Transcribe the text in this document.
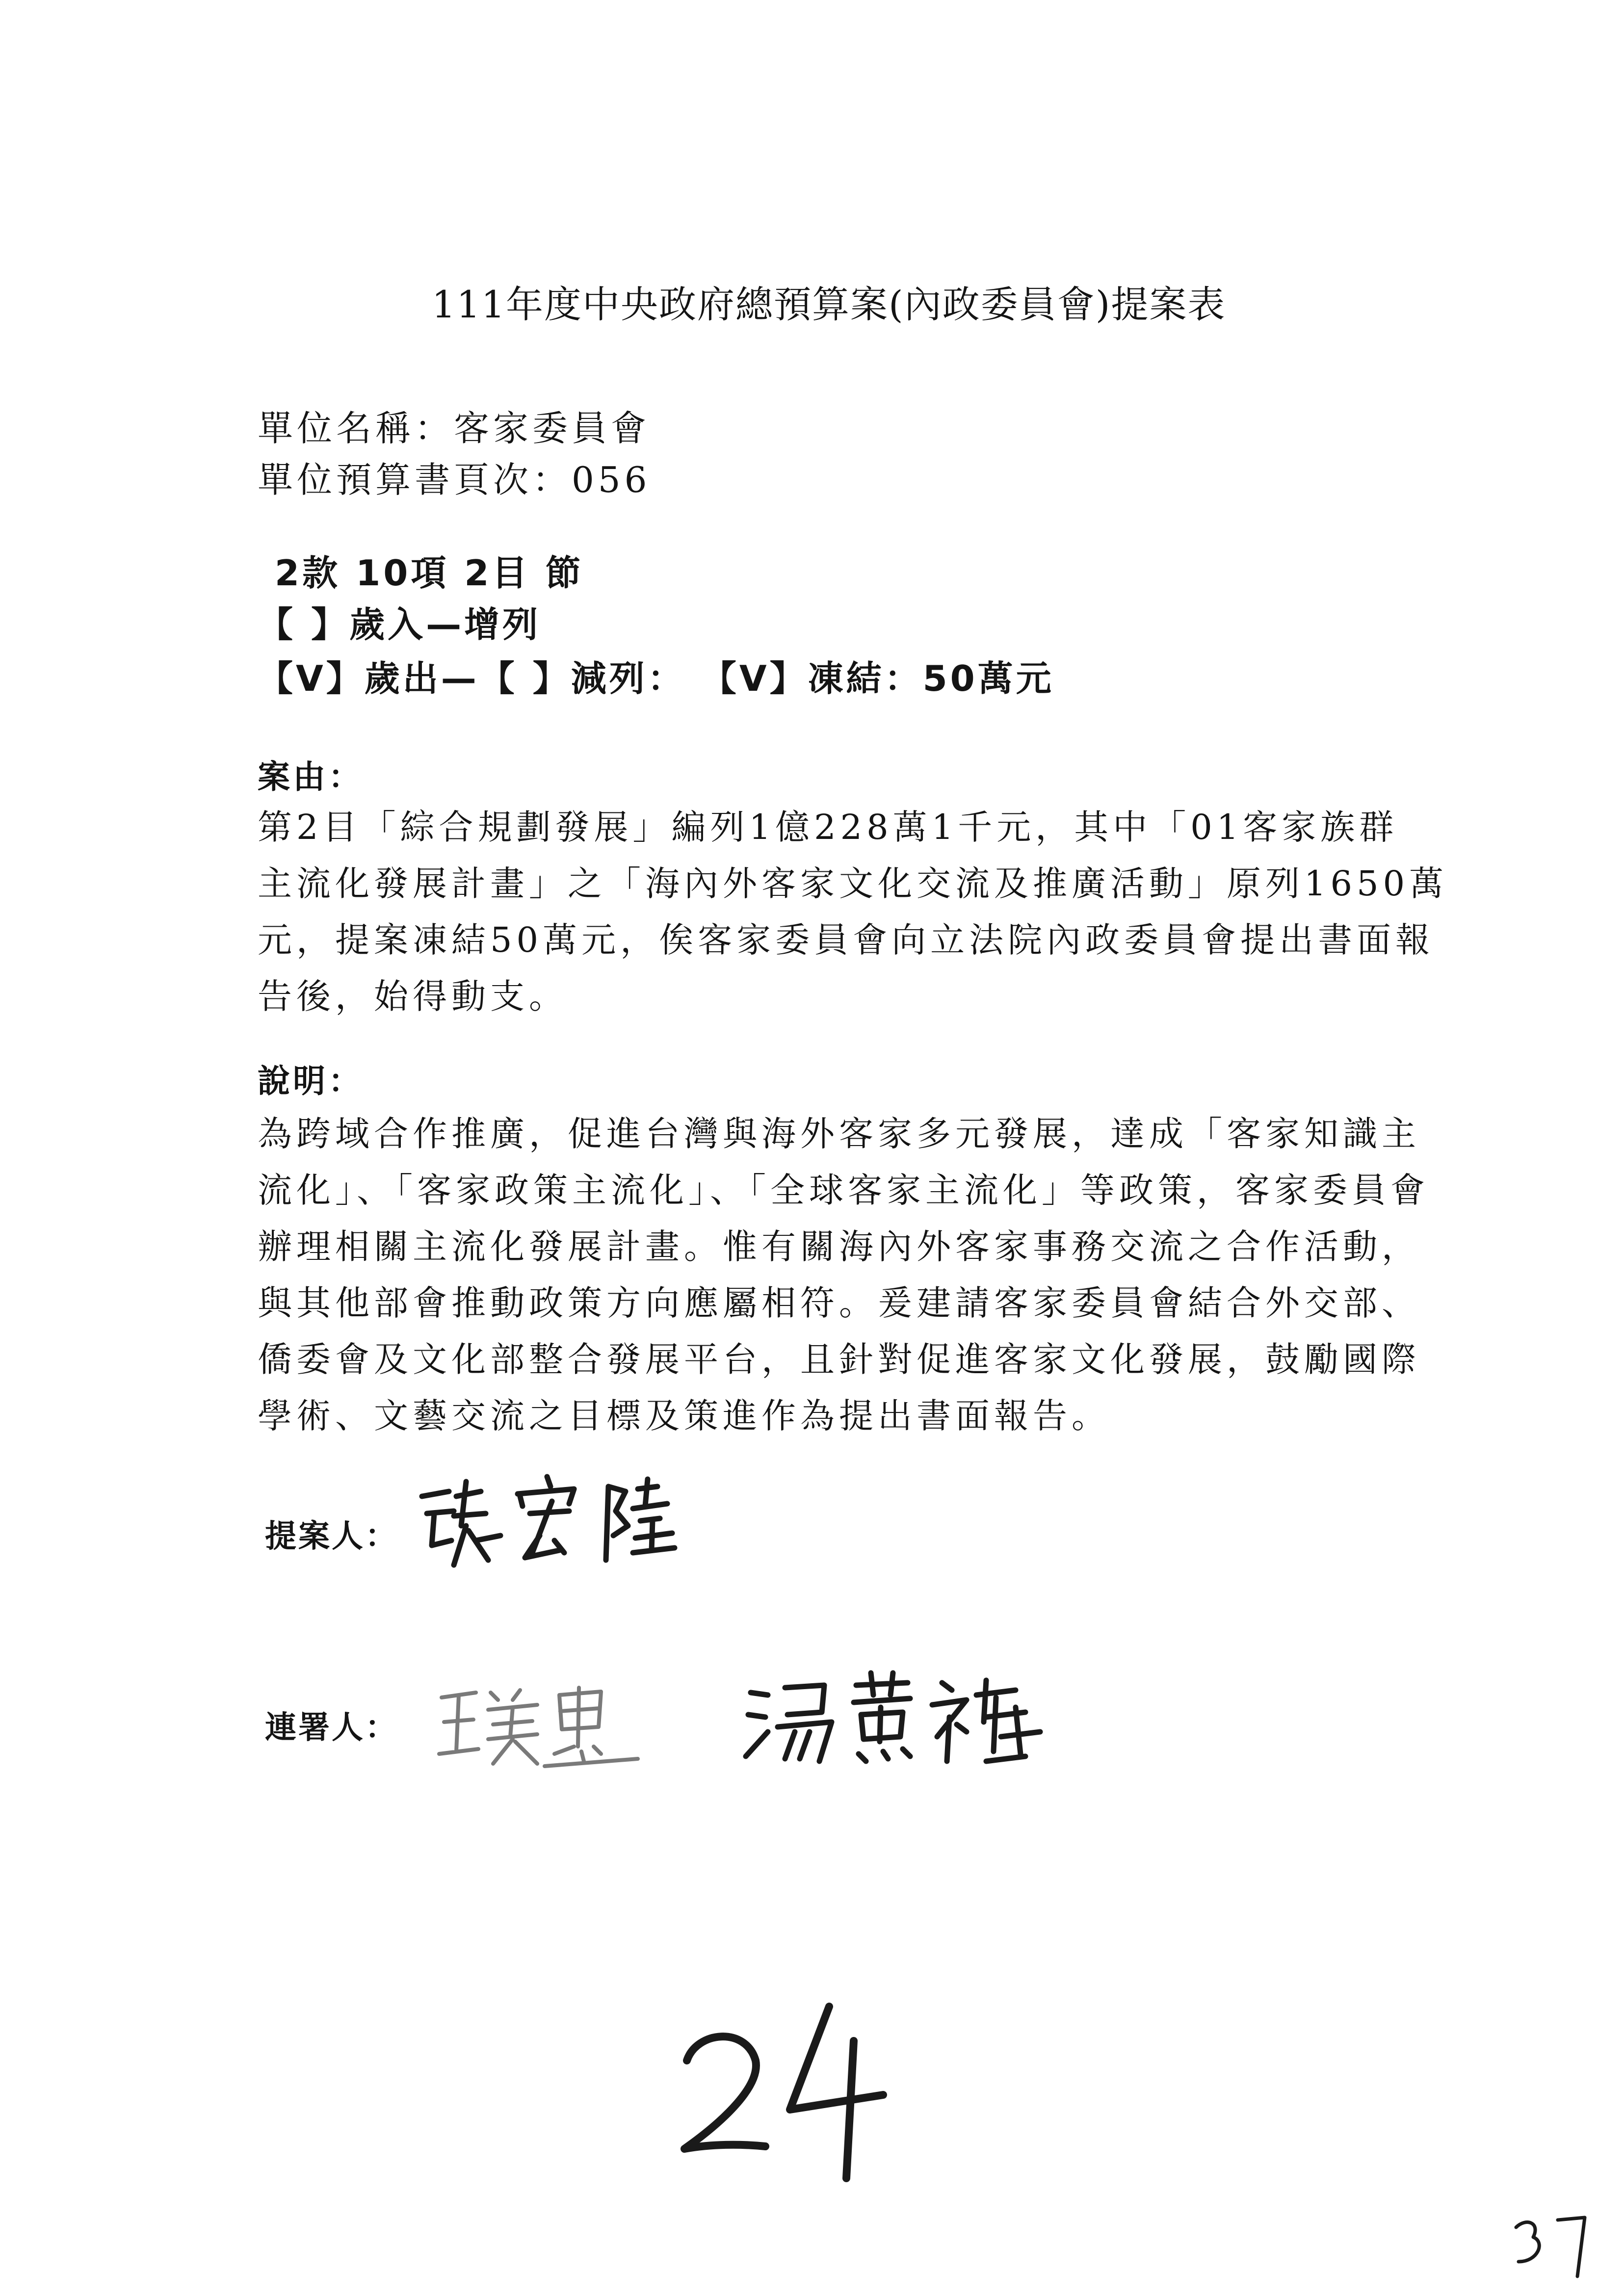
111年度中央政府總預算案(內政委員會)提案表
單位名稱：客家委員會
單位預算書頁次：056
2款 10項 2目 節
【 】歲入—增列
【V】歲出—【 】減列： 【V】凍結：50萬元
案由：
第2目「綜合規劃發展」編列1億228萬1千元，其中「01客家族群
主流化發展計畫」之「海內外客家文化交流及推廣活動」原列1650萬
元，提案凍結50萬元，俟客家委員會向立法院內政委員會提出書面報
告後，始得動支。
說明：
為跨域合作推廣，促進台灣與海外客家多元發展，達成「客家知識主
流化」、「客家政策主流化」、「全球客家主流化」等政策，客家委員會
辦理相關主流化發展計畫。惟有關海內外客家事務交流之合作活動，
與其他部會推動政策方向應屬相符。爰建請客家委員會結合外交部、
僑委會及文化部整合發展平台，且針對促進客家文化發展，鼓勵國際
學術、文藝交流之目標及策進作為提出書面報告。
提案人：
連署人：
